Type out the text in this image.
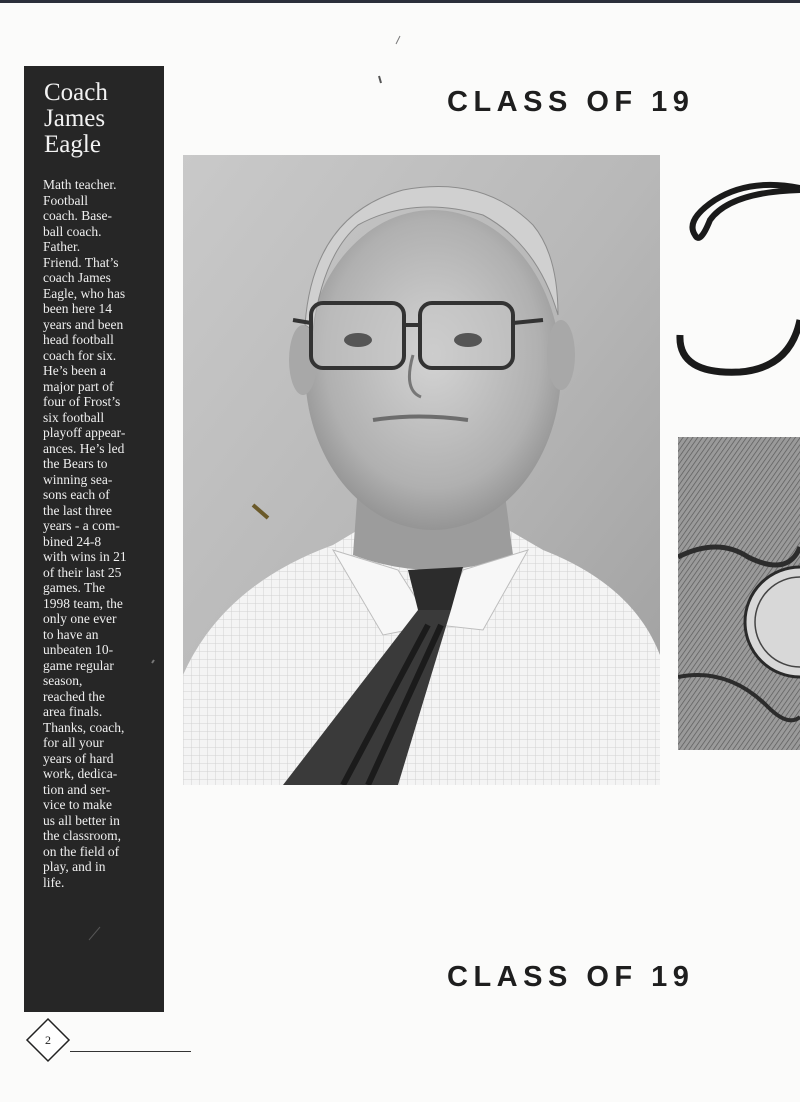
Coach
James
Eagle
Math teacher.
Football
coach. Base-
ball coach.
Father.
Friend. That’s
coach James
Eagle, who has
been here 14
years and been
head football
coach for six.
He’s been a
major part of
four of Frost’s
six football
playoff appear-
ances. He’s led
the Bears to
winning sea-
sons each of
the last three
years - a com-
bined 24-8
with wins in 21
of their last 25
games. The
1998 team, the
only one ever
to have an
unbeaten 10-
game regular
season,
reached the
area finals.
Thanks, coach,
for all your
years of hard
work, dedica-
tion and ser-
vice to make
us all better in
the classroom,
on the field of
play, and in
life.
CLASS OF 19
CLASS OF 19
2
